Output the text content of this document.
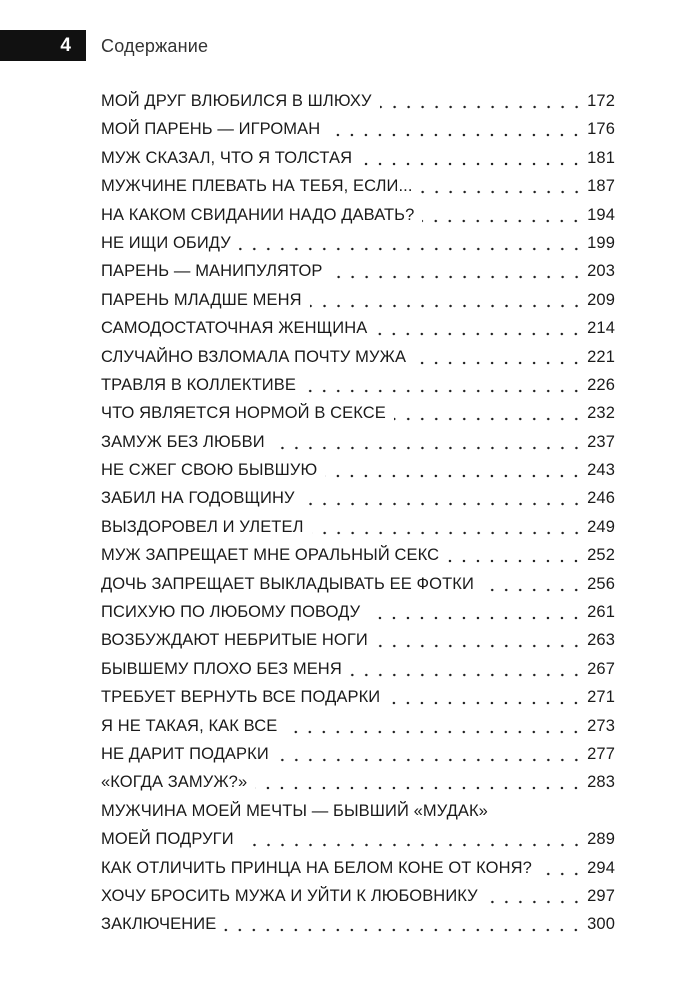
4	Содержание
МОЙ ДРУГ ВЛЮБИЛСЯ В ШЛЮХУ	172
МОЙ ПАРЕНЬ — ИГРОМАН	176
МУЖ СКАЗАЛ, ЧТО Я ТОЛСТАЯ	181
МУЖЧИНЕ ПЛЕВАТЬ НА ТЕБЯ, ЕСЛИ...	187
НА КАКОМ СВИДАНИИ НАДО ДАВАТЬ?	194
НЕ ИЩИ ОБИДУ	199
ПАРЕНЬ — МАНИПУЛЯТОР	203
ПАРЕНЬ МЛАДШЕ МЕНЯ	209
САМОДОСТАТОЧНАЯ ЖЕНЩИНА	214
СЛУЧАЙНО ВЗЛОМАЛА ПОЧТУ МУЖА	221
ТРАВЛЯ В КОЛЛЕКТИВЕ	226
ЧТО ЯВЛЯЕТСЯ НОРМОЙ В СЕКСЕ	232
ЗАМУЖ БЕЗ ЛЮБВИ	237
НЕ СЖЕГ СВОЮ БЫВШУЮ	243
ЗАБИЛ НА ГОДОВЩИНУ	246
ВЫЗДОРОВЕЛ И УЛЕТЕЛ	249
МУЖ ЗАПРЕЩАЕТ МНЕ ОРАЛЬНЫЙ СЕКС	252
ДОЧЬ ЗАПРЕЩАЕТ ВЫКЛАДЫВАТЬ ЕЕ ФОТКИ	256
ПСИХУЮ ПО ЛЮБОМУ ПОВОДУ	261
ВОЗБУЖДАЮТ НЕБРИТЫЕ НОГИ	263
БЫВШЕМУ ПЛОХО БЕЗ МЕНЯ	267
ТРЕБУЕТ ВЕРНУТЬ ВСЕ ПОДАРКИ	271
Я НЕ ТАКАЯ, КАК ВСЕ	273
НЕ ДАРИТ ПОДАРКИ	277
«КОГДА ЗАМУЖ?»	283
МУЖЧИНА МОЕЙ МЕЧТЫ — БЫВШИЙ «МУДАК»
МОЕЙ ПОДРУГИ	289
КАК ОТЛИЧИТЬ ПРИНЦА НА БЕЛОМ КОНЕ ОТ КОНЯ?	294
ХОЧУ БРОСИТЬ МУЖА И УЙТИ К ЛЮБОВНИКУ	297
ЗАКЛЮЧЕНИЕ	300
